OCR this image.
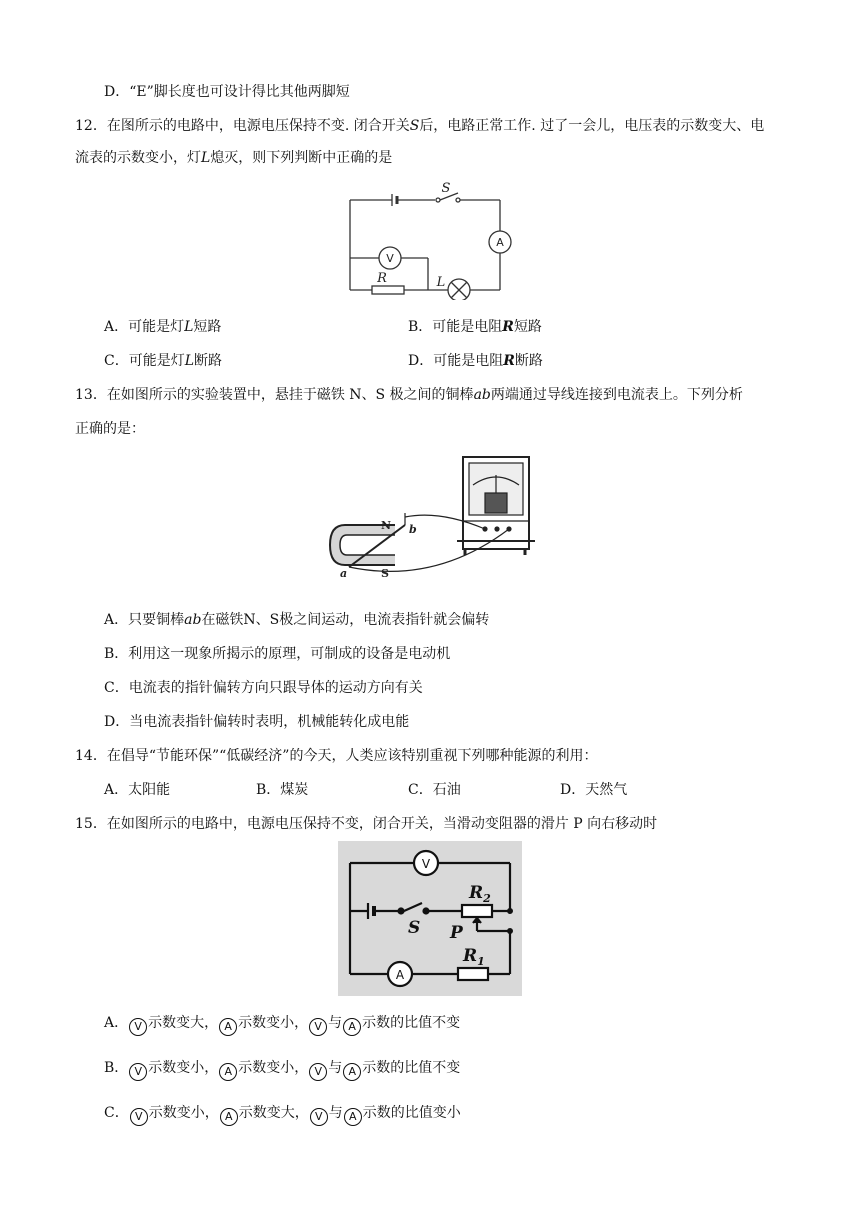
D．“E”脚长度也可设计得比其他两脚短
12．在图所示的电路中，电源电压保持不变. 闭合开关S后，电路正常工作. 过了一会儿，电压表的示数变大、电
流表的示数变小，灯L熄灭，则下列判断中正确的是
S
A
V
R	L
A．可能是灯L短路	B．可能是电阻R短路
C．可能是灯L断路	D．可能是电阻R断路
13．在如图所示的实验装置中，悬挂于磁铁 N、S 极之间的铜棒ab两端通过导线连接到电流表上。下列分析
正确的是：
N
S
a
b
A．只要铜棒ab在磁铁N、S极之间运动，电流表指针就会偏转
B．利用这一现象所揭示的原理，可制成的设备是电动机
C．电流表的指针偏转方向只跟导体的运动方向有关
D．当电流表指针偏转时表明，机械能转化成电能
14．在倡导“节能环保”“低碳经济”的今天，人类应该特别重视下列哪种能源的利用：
A．太阳能	B．煤炭	C．石油	D．天然气
15．在如图所示的电路中，电源电压保持不变，闭合开关，当滑动变阻器的滑片 P 向右移动时
V
A
S P
$R_2$
$R_1$
A． V 示数变大， A 示数变小， V 与 A 示数的比值不变
B． V 示数变小， A 示数变小， V 与 A 示数的比值不变
C． V 示数变小， A 示数变大， V 与 A 示数的比值变小
